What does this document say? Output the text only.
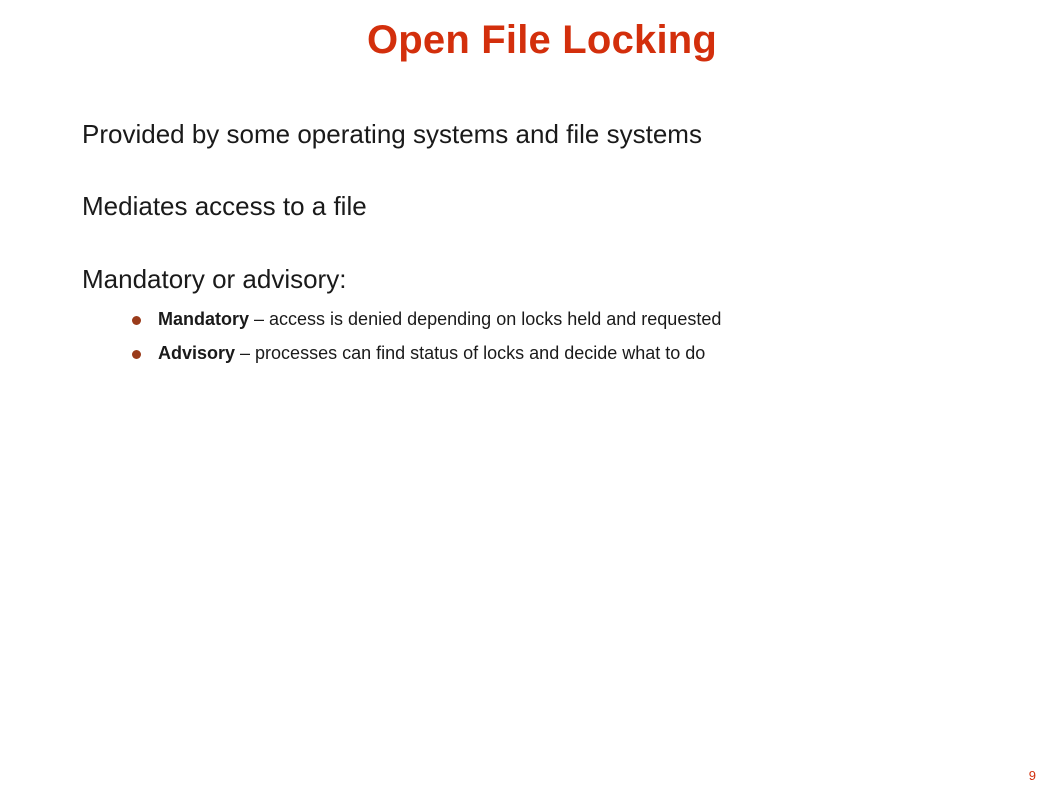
Open File Locking
Provided by some operating systems and file systems
Mediates access to a file
Mandatory or advisory:
Mandatory – access is denied depending on locks held and requested
Advisory – processes can find status of locks and decide what to do
9
